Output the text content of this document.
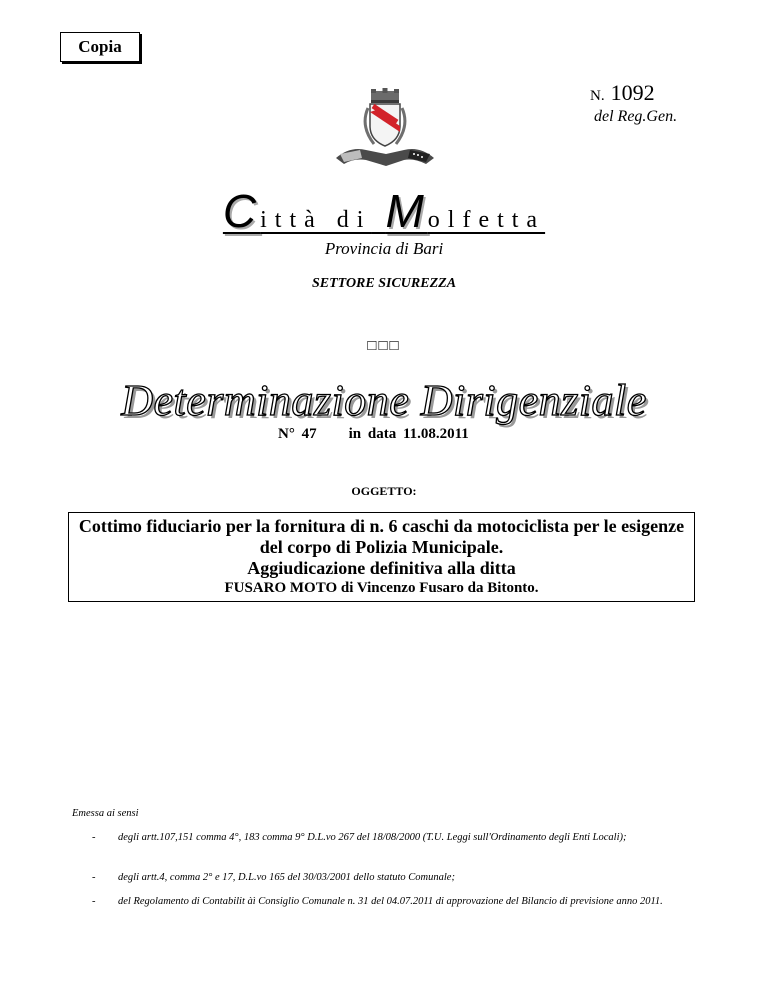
Copia
N. 1092
del Reg.Gen.
Città di Molfetta
Provincia di Bari
SETTORE SICUREZZA
□□□
Determinazione Dirigenziale
N° 47 in data 11.08.2011
OGGETTO:
Cottimo fiduciario per la fornitura di n. 6 caschi da motociclista per le esigenze del corpo di Polizia Municipale.
Aggiudicazione definitiva alla ditta
FUSARO MOTO di Vincenzo Fusaro da Bitonto.
Emessa ai sensi
- degli artt.107,151 comma 4°, 183 comma 9° D.L.vo 267 del 18/08/2000 (T.U. Leggi sull'Ordinamento degli Enti Locali);
- degli artt.4, comma 2° e 17, D.L.vo 165 del 30/03/2001 dello statuto Comunale;
- del Regolamento di Contabilit àì Consiglio Comunale n. 31 del 04.07.2011 di approvazione del Bilancio di previsione anno 2011.
